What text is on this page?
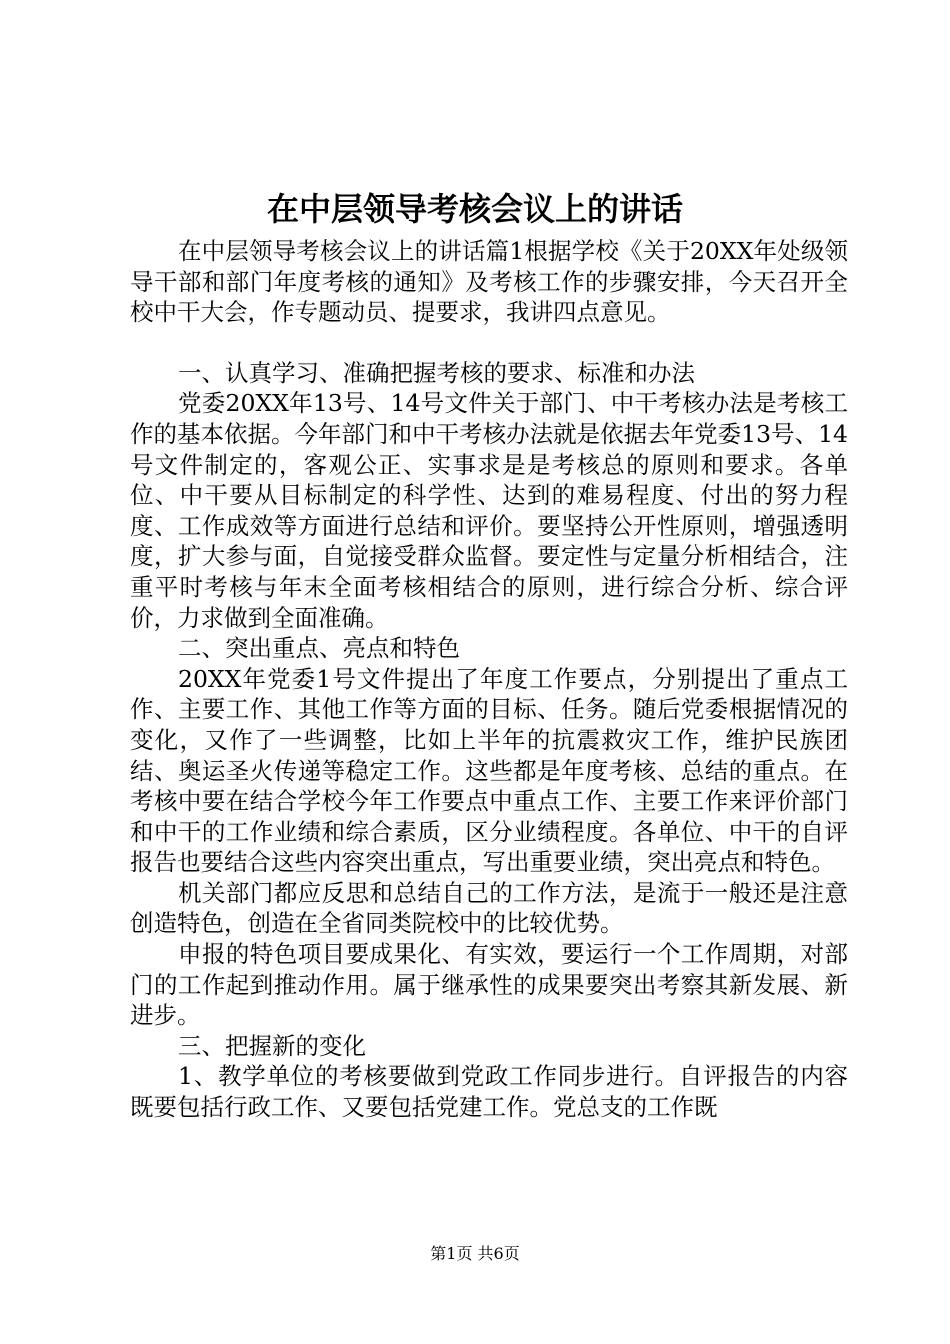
在中层领导考核会议上的讲话

在中层领导考核会议上的讲话篇1根据学校《关于20XX年处级领导干部和部门年度考核的通知》及考核工作的步骤安排，今天召开全校中干大会，作专题动员、提要求，我讲四点意见。

一、认真学习、准确把握考核的要求、标准和办法

党委20XX年13号、14号文件关于部门、中干考核办法是考核工作的基本依据。今年部门和中干考核办法就是依据去年党委13号、14号文件制定的，客观公正、实事求是是考核总的原则和要求。各单位、中干要从目标制定的科学性、达到的难易程度、付出的努力程度、工作成效等方面进行总结和评价。要坚持公开性原则，增强透明度，扩大参与面，自觉接受群众监督。要定性与定量分析相结合，注重平时考核与年末全面考核相结合的原则，进行综合分析、综合评价，力求做到全面准确。

二、突出重点、亮点和特色

20XX年党委1号文件提出了年度工作要点，分别提出了重点工作、主要工作、其他工作等方面的目标、任务。随后党委根据情况的变化，又作了一些调整，比如上半年的抗震救灾工作，维护民族团结、奥运圣火传递等稳定工作。这些都是年度考核、总结的重点。在考核中要在结合学校今年工作要点中重点工作、主要工作来评价部门和中干的工作业绩和综合素质，区分业绩程度。各单位、中干的自评报告也要结合这些内容突出重点，写出重要业绩，突出亮点和特色。

机关部门都应反思和总结自己的工作方法，是流于一般还是注意创造特色，创造在全省同类院校中的比较优势。

申报的特色项目要成果化、有实效，要运行一个工作周期，对部门的工作起到推动作用。属于继承性的成果要突出考察其新发展、新进步。

三、把握新的变化

1、教学单位的考核要做到党政工作同步进行。自评报告的内容既要包括行政工作、又要包括党建工作。党总支的工作既

第1页 共6页
